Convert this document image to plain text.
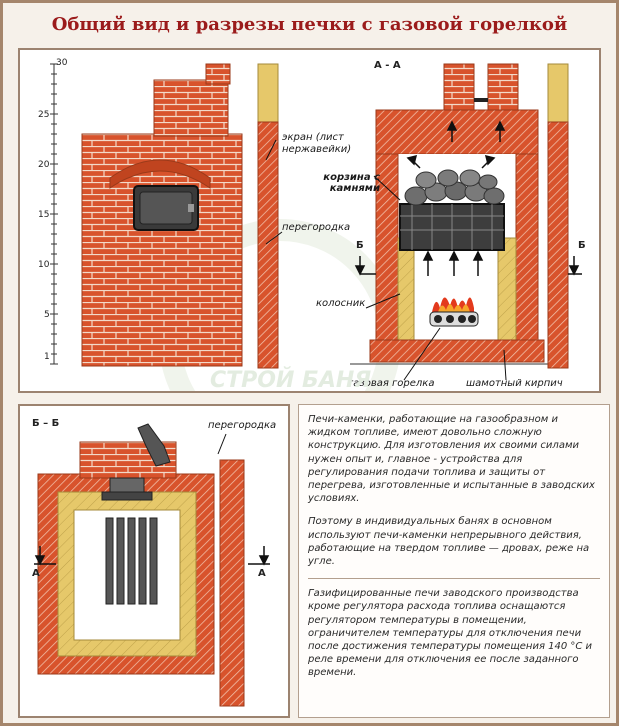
Общий вид и разрезы печки с газовой горелкой
30
25
20
15
10
5
1
А - А
экран (лист нержавейки)
перегородка
корзина с камнями
колосник
газовая горелка	шамотный кирпич
Б	Б
СТРОЙ БАНЯ
Б – Б	перегородка
А	А

Печи-каменки, работающие на газообразном и жидком топливе, имеют довольно сложную конструкцию. Для изготовления их своими силами нужен опыт и, главное - устройства для регулирования подачи топлива и защиты от перегрева, изготовленные и испытанные в заводских условиях.

Поэтому в индивидуальных банях в основном используют печи-каменки непрерывного действия, работающие на твердом топливе — дровах, реже на угле.

Газифицированные печи заводского производства кроме регулятора расхода топлива оснащаются регулятором температуры в помещении, ограничителем температуры для отключения печи после достижения температуры помещения 140 °С и реле времени для отключения ее после заданного времени.
